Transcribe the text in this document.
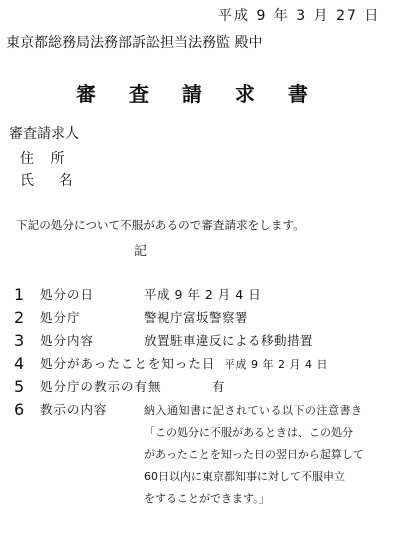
平成 9 年 3 月 27 日
東京都総務局法務部訴訟担当法務監 殿中
審 査 請 求 書
審査請求人
住 所
氏 名
下記の処分について不服があるので審査請求をします。
記
1 処分の日	平成 9 年 2 月 4 日
2 処分庁	警視庁富坂警察署
3 処分内容	放置駐車違反による移動措置
4 処分があったことを知った日 平成 9 年 2 月 4 日
5 処分庁の教示の有無	有
6 教示の内容	納入通知書に記されている以下の注意書き
「この処分に不服があるときは、この処分
があったことを知った日の翌日から起算して
60日以内に東京都知事に対して不服申立
をすることができます。」
